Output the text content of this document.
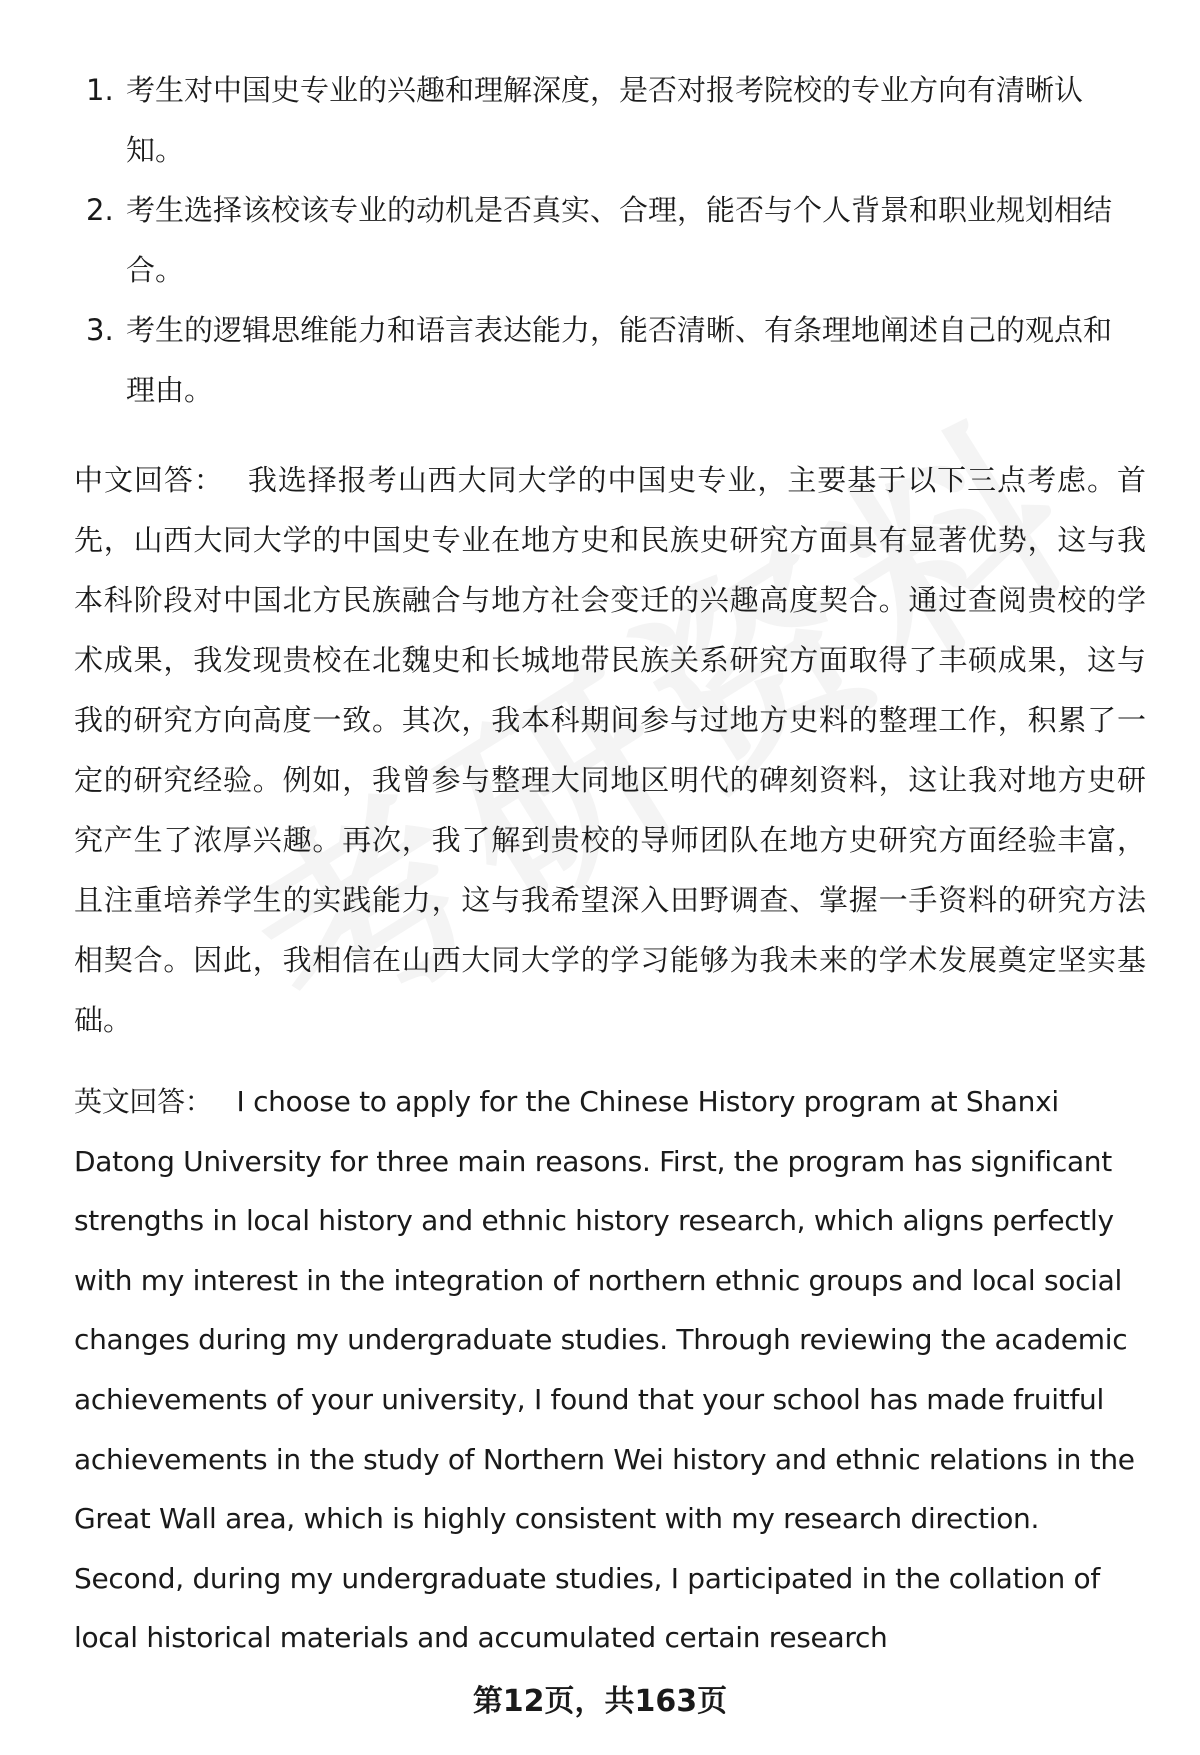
1. 考生对中国史专业的兴趣和理解深度，是否对报考院校的专业方向有清晰认知。
2. 考生选择该校该专业的动机是否真实、合理，能否与个人背景和职业规划相结合。
3. 考生的逻辑思维能力和语言表达能力，能否清晰、有条理地阐述自己的观点和理由。

中文回答： 我选择报考山西大同大学的中国史专业，主要基于以下三点考虑。首先，山西大同大学的中国史专业在地方史和民族史研究方面具有显著优势，这与我本科阶段对中国北方民族融合与地方社会变迁的兴趣高度契合。通过查阅贵校的学术成果，我发现贵校在北魏史和长城地带民族关系研究方面取得了丰硕成果，这与我的研究方向高度一致。其次，我本科期间参与过地方史料的整理工作，积累了一定的研究经验。例如，我曾参与整理大同地区明代的碑刻资料，这让我对地方史研究产生了浓厚兴趣。再次，我了解到贵校的导师团队在地方史研究方面经验丰富，且注重培养学生的实践能力，这与我希望深入田野调查、掌握一手资料的研究方法相契合。因此，我相信在山西大同大学的学习能够为我未来的学术发展奠定坚实基础。

英文回答： I choose to apply for the Chinese History program at Shanxi Datong University for three main reasons. First, the program has significant strengths in local history and ethnic history research, which aligns perfectly with my interest in the integration of northern ethnic groups and local social changes during my undergraduate studies. Through reviewing the academic achievements of your university, I found that your school has made fruitful achievements in the study of Northern Wei history and ethnic relations in the Great Wall area, which is highly consistent with my research direction. Second, during my undergraduate studies, I participated in the collation of local historical materials and accumulated certain research

第12页，共163页
